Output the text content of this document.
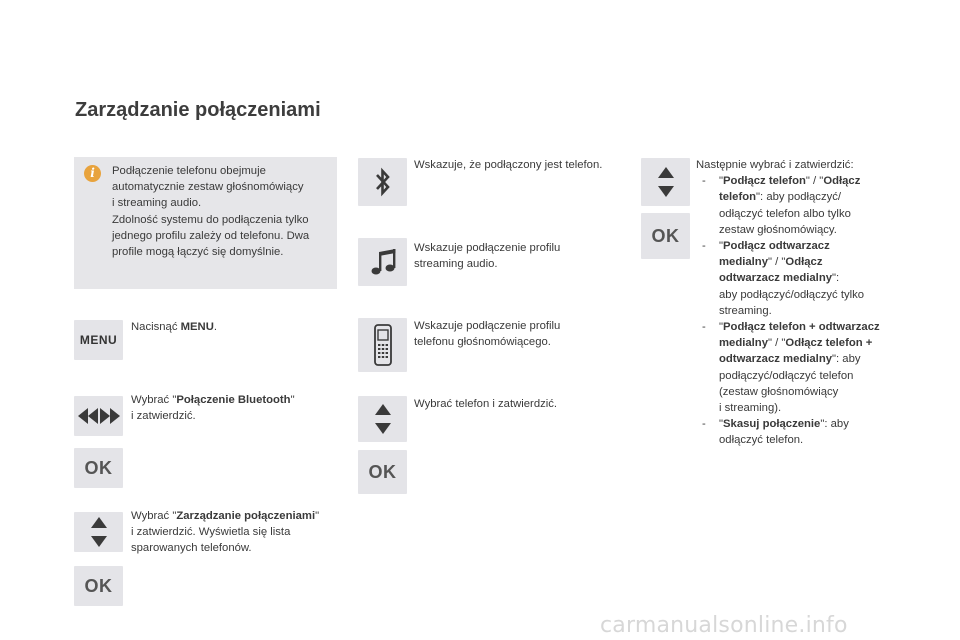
Zarządzanie połączeniami
i	Podłączenie telefonu obejmuje
automatycznie zestaw głośnomówiący
i streaming audio.
Zdolność systemu do podłączenia tylko
jednego profilu zależy od telefonu. Dwa
profile mogą łączyć się domyślnie.
MENU
OK
OK
Nacisnąć MENU.
Wybrać "Połączenie Bluetooth"
i zatwierdzić.
Wybrać "Zarządzanie połączeniami"
i zatwierdzić. Wyświetla się lista
sparowanych telefonów.
OK
Wskazuje, że podłączony jest telefon.
Wskazuje podłączenie profilu
streaming audio.
Wskazuje podłączenie profilu
telefonu głośnomówiącego.
Wybrać telefon i zatwierdzić.
OK
Następnie wybrać i zatwierdzić:
- "Podłącz telefon" / "Odłącz
telefon": aby podłączyć/
odłączyć telefon albo tylko
zestaw głośnomówiący.
- "Podłącz odtwarzacz
medialny" / "Odłącz
odtwarzacz medialny":
aby podłączyć/odłączyć tylko
streaming.
- "Podłącz telefon + odtwarzacz
medialny" / "Odłącz telefon +
odtwarzacz medialny": aby
podłączyć/odłączyć telefon
(zestaw głośnomówiący
i streaming).
- "Skasuj połączenie": aby
odłączyć telefon.
carmanualsonline.info
